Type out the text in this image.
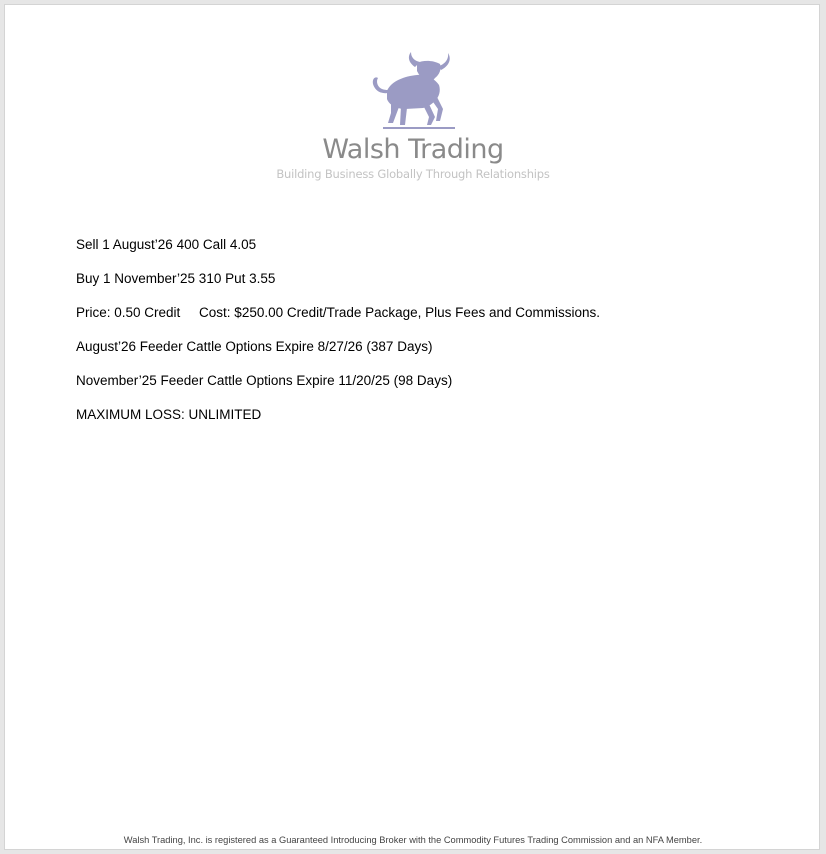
Walsh Trading
Building Business Globally Through Relationships
Sell 1 August’26 400 Call 4.05
Buy 1 November’25 310 Put 3.55
Price: 0.50 Credit     Cost: $250.00 Credit/Trade Package, Plus Fees and Commissions.
August’26 Feeder Cattle Options Expire 8/27/26 (387 Days)
November’25 Feeder Cattle Options Expire 11/20/25 (98 Days)
MAXIMUM LOSS: UNLIMITED
Walsh Trading, Inc. is registered as a Guaranteed Introducing Broker with the Commodity Futures Trading Commission and an NFA Member.
